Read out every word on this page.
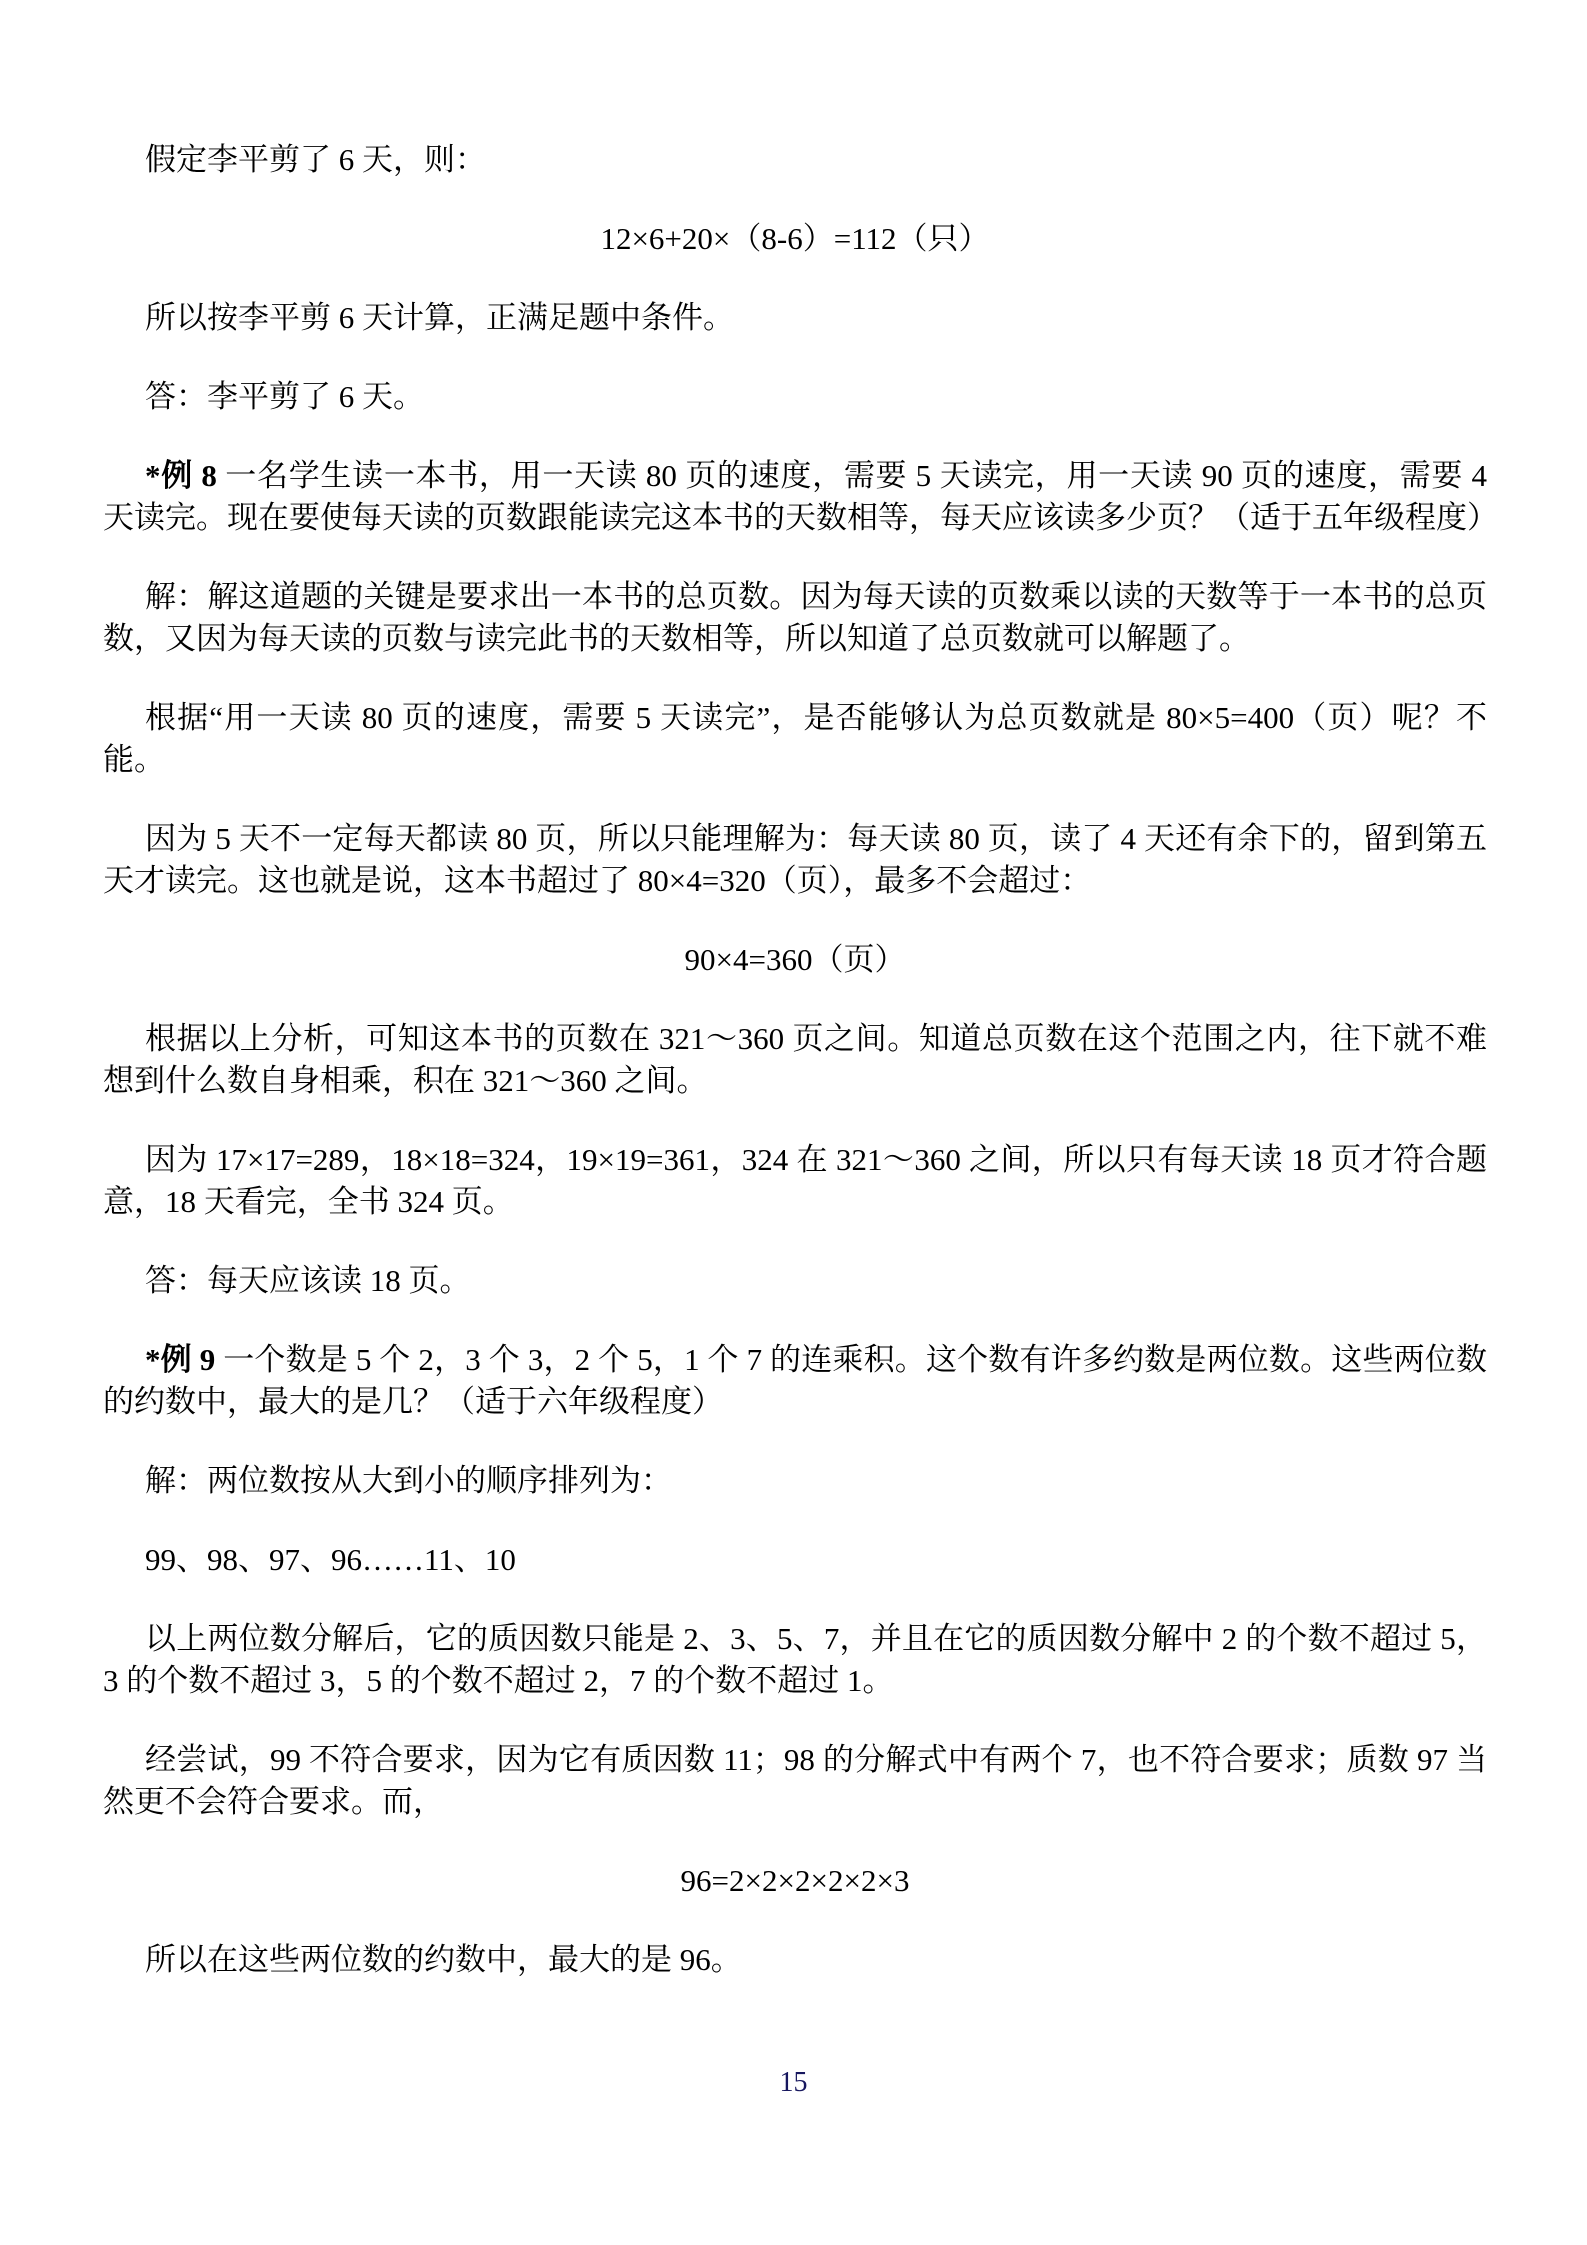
假定李平剪了 6 天，则：

12×6+20×（8-6）=112（只）

所以按李平剪 6 天计算，正满足题中条件。

答：李平剪了 6 天。

*例 8 一名学生读一本书，用一天读 80 页的速度，需要 5 天读完，用一天读 90 页的速度，需要 4 天读完。现在要使每天读的页数跟能读完这本书的天数相等，每天应该读多少页？（适于五年级程度）

解：解这道题的关键是要求出一本书的总页数。因为每天读的页数乘以读的天数等于一本书的总页数，又因为每天读的页数与读完此书的天数相等，所以知道了总页数就可以解题了。

根据“用一天读 80 页的速度，需要 5 天读完”，是否能够认为总页数就是 80×5=400（页）呢？不能。

因为 5 天不一定每天都读 80 页，所以只能理解为：每天读 80 页，读了 4 天还有余下的，留到第五天才读完。这也就是说，这本书超过了 80×4=320（页），最多不会超过：

90×4=360（页）

根据以上分析，可知这本书的页数在 321～360 页之间。知道总页数在这个范围之内，往下就不难想到什么数自身相乘，积在 321～360 之间。

因为 17×17=289，18×18=324，19×19=361，324 在 321～360 之间，所以只有每天读 18 页才符合题意，18 天看完，全书 324 页。

答：每天应该读 18 页。

*例 9 一个数是 5 个 2，3 个 3，2 个 5，1 个 7 的连乘积。这个数有许多约数是两位数。这些两位数的约数中，最大的是几？（适于六年级程度）

解：两位数按从大到小的顺序排列为：

99、98、97、96……11、10

以上两位数分解后，它的质因数只能是 2、3、5、7，并且在它的质因数分解中 2 的个数不超过 5，3 的个数不超过 3，5 的个数不超过 2，7 的个数不超过 1。

经尝试，99 不符合要求，因为它有质因数 11；98 的分解式中有两个 7，也不符合要求；质数 97 当然更不会符合要求。而，

96=2×2×2×2×2×3

所以在这些两位数的约数中，最大的是 96。

15
